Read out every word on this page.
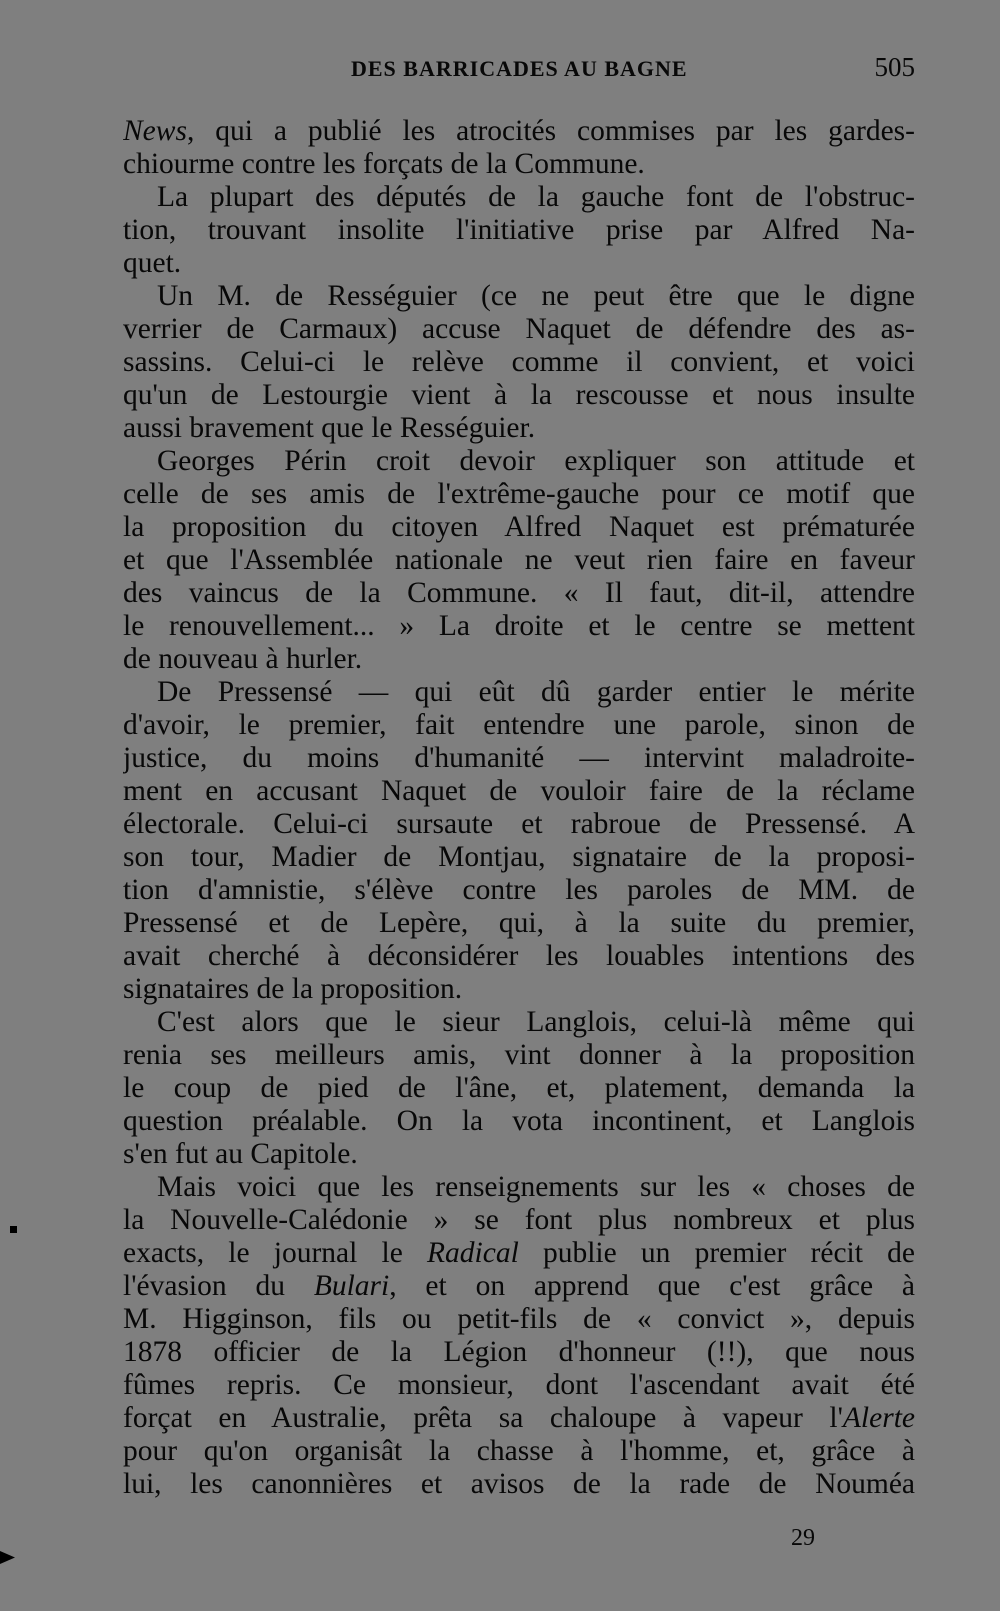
DES BARRICADES AU BAGNE	505
News, qui a publié les atrocités commises par les gardes-
chiourme contre les forçats de la Commune.
La plupart des députés de la gauche font de l'obstruc-
tion, trouvant insolite l'initiative prise par Alfred Na-
quet.
Un M. de Rességuier (ce ne peut être que le digne
verrier de Carmaux) accuse Naquet de défendre des as-
sassins. Celui-ci le relève comme il convient, et voici
qu'un de Lestourgie vient à la rescousse et nous insulte
aussi bravement que le Rességuier.
Georges Périn croit devoir expliquer son attitude et
celle de ses amis de l'extrême-gauche pour ce motif que
la proposition du citoyen Alfred Naquet est prématurée
et que l'Assemblée nationale ne veut rien faire en faveur
des vaincus de la Commune. « Il faut, dit-il, attendre
le renouvellement... » La droite et le centre se mettent
de nouveau à hurler.
De Pressensé — qui eût dû garder entier le mérite
d'avoir, le premier, fait entendre une parole, sinon de
justice, du moins d'humanité — intervint maladroite-
ment en accusant Naquet de vouloir faire de la réclame
électorale. Celui-ci sursaute et rabroue de Pressensé. A
son tour, Madier de Montjau, signataire de la proposi-
tion d'amnistie, s'élève contre les paroles de MM. de
Pressensé et de Lepère, qui, à la suite du premier,
avait cherché à déconsidérer les louables intentions des
signataires de la proposition.
C'est alors que le sieur Langlois, celui-là même qui
renia ses meilleurs amis, vint donner à la proposition
le coup de pied de l'âne, et, platement, demanda la
question préalable. On la vota incontinent, et Langlois
s'en fut au Capitole.
Mais voici que les renseignements sur les « choses de
la Nouvelle-Calédonie » se font plus nombreux et plus
exacts, le journal le Radical publie un premier récit de
l'évasion du Bulari, et on apprend que c'est grâce à
M. Higginson, fils ou petit-fils de « convict », depuis
1878 officier de la Légion d'honneur (!!), que nous
fûmes repris. Ce monsieur, dont l'ascendant avait été
forçat en Australie, prêta sa chaloupe à vapeur l'Alerte
pour qu'on organisât la chasse à l'homme, et, grâce à
lui, les canonnières et avisos de la rade de Nouméa
29
